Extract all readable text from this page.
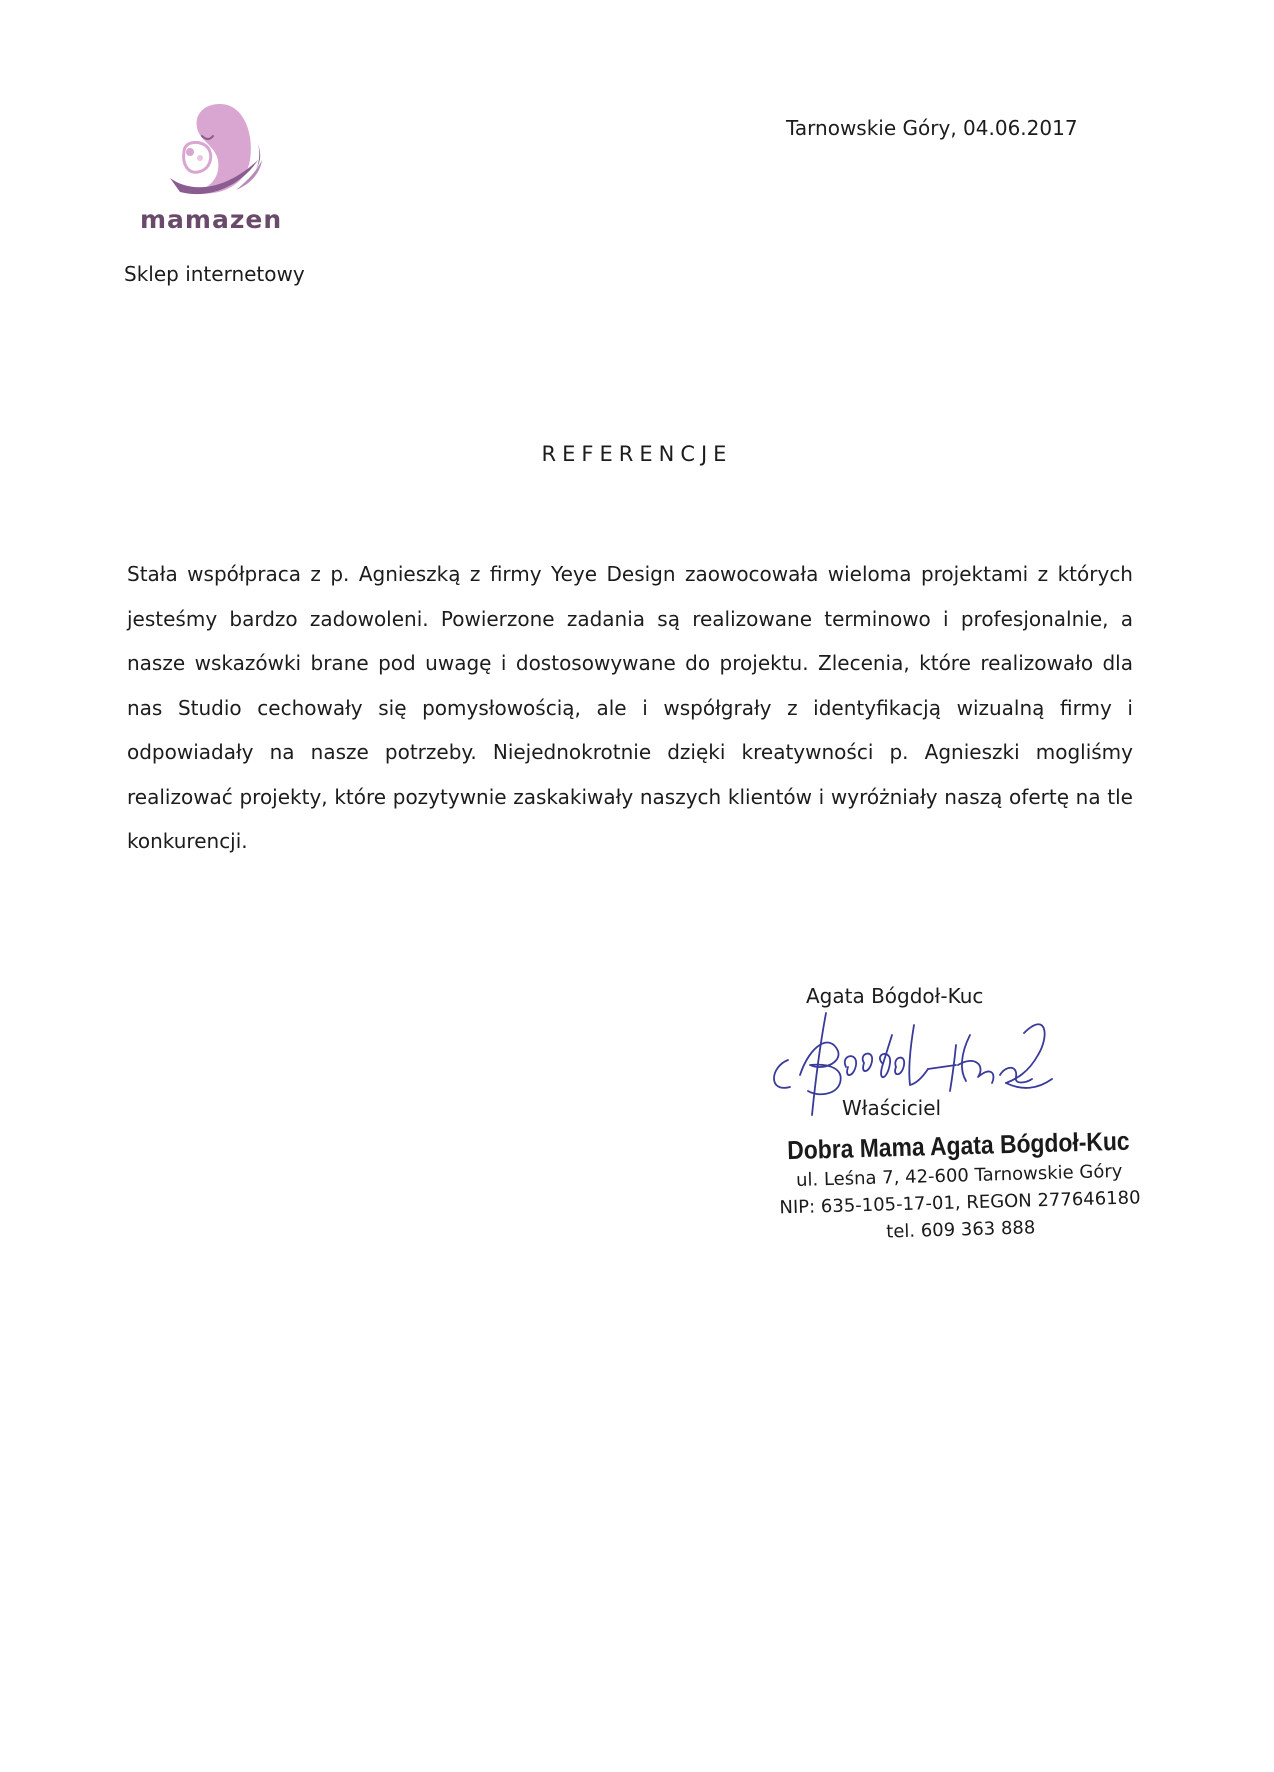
mamazen
Sklep internetowy
Tarnowskie Góry, 04.06.2017
REFERENCJE

Stała współpraca z p. Agnieszką z firmy Yeye Design zaowocowała wieloma projektami z których jesteśmy bardzo zadowoleni. Powierzone zadania są realizowane terminowo i profesjonalnie, a nasze wskazówki brane pod uwagę i dostosowywane do projektu. Zlecenia, które realizowało dla nas Studio cechowały się pomysłowością, ale i współgrały z identyfikacją wizualną firmy i odpowiadały na nasze potrzeby. Niejednokrotnie dzięki kreatywności p. Agnieszki mogliśmy realizować projekty, które pozytywnie zaskakiwały naszych klientów i wyróżniały naszą ofertę na tle konkurencji.

Agata Bógdoł-Kuc
Właściciel
Dobra Mama Agata Bógdoł-Kuc
ul. Leśna 7, 42-600 Tarnowskie Góry
NIP: 635-105-17-01, REGON 277646180
tel. 609 363 888
